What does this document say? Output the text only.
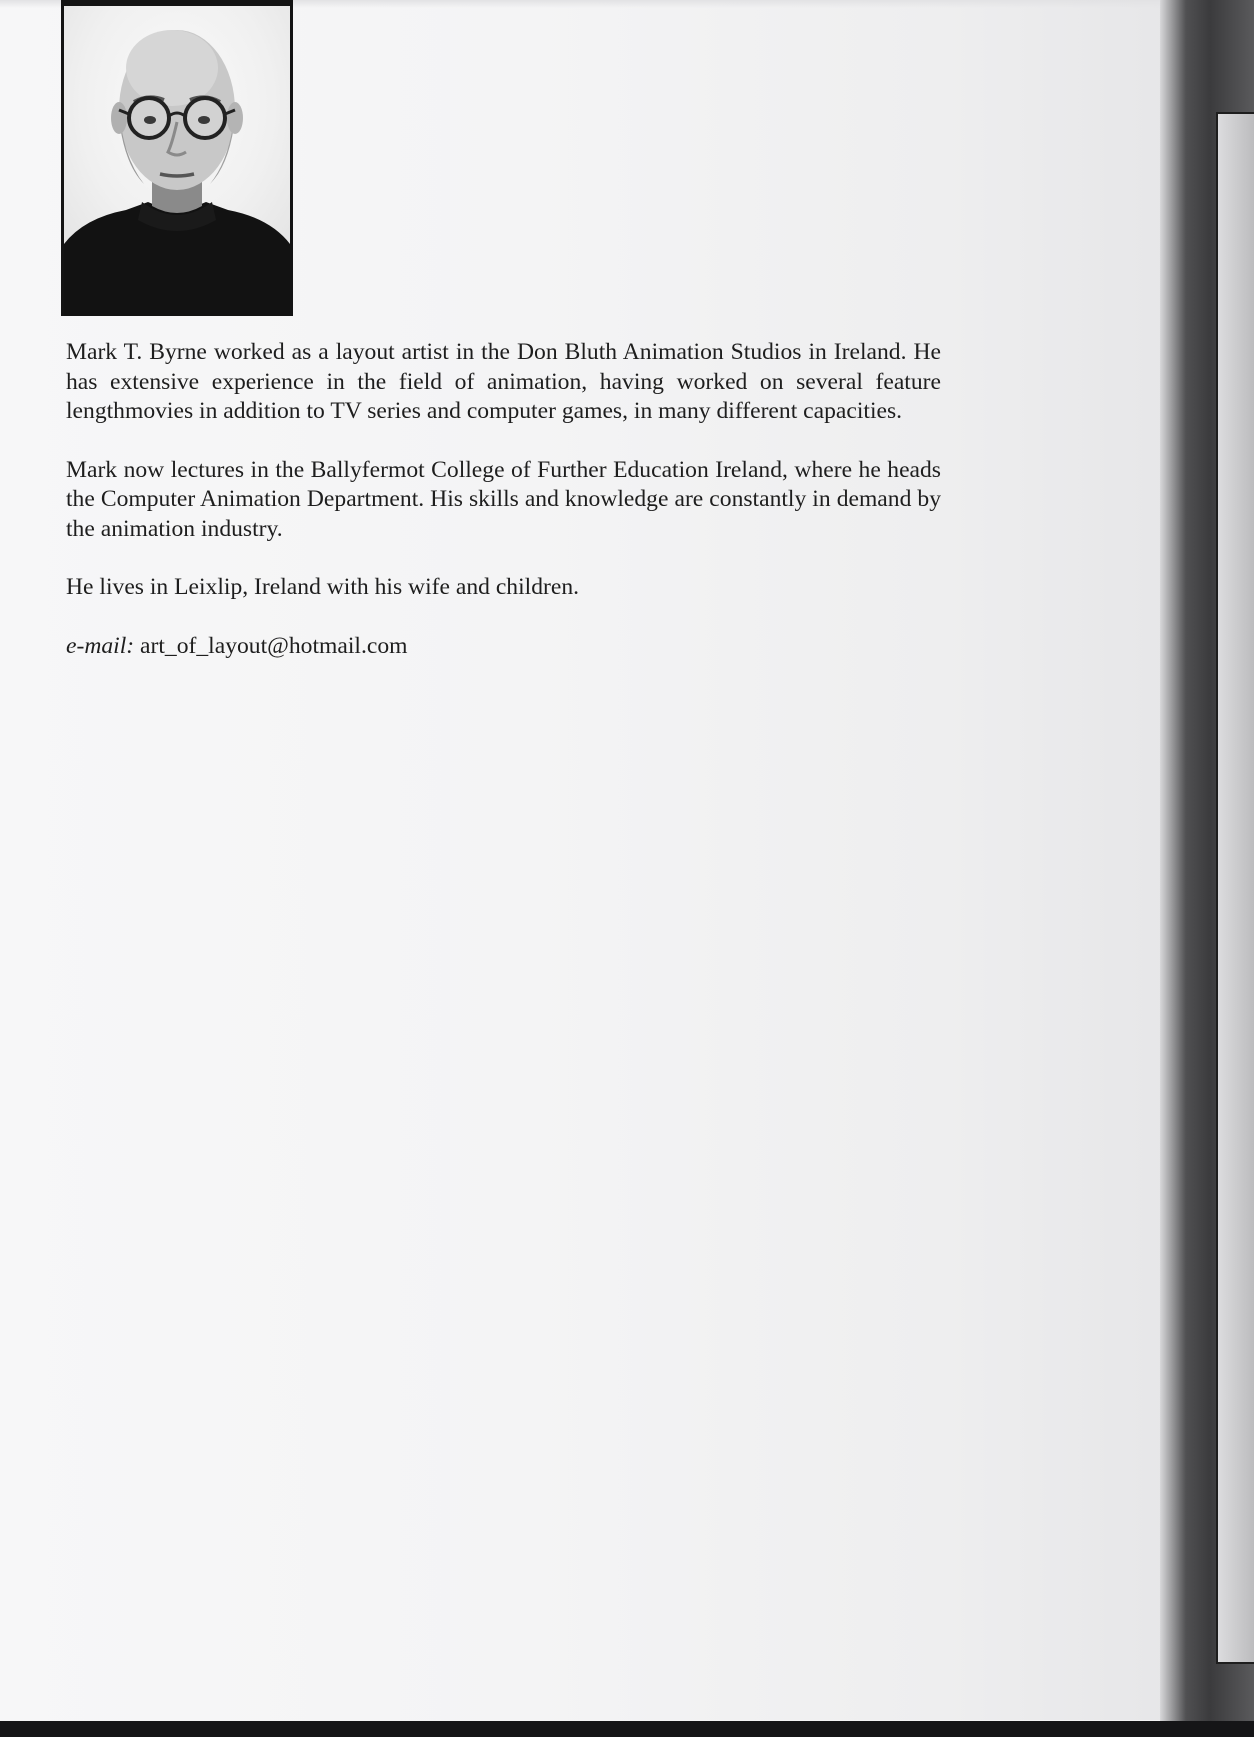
Mark T. Byrne worked as a layout artist in the Don Bluth Animation Studios in Ireland. He has extensive experience in the field of animation, having worked on several feature lengthmovies in addition to TV series and computer games, in many different capacities.

Mark now lectures in the Ballyfermot College of Further Education Ireland, where he heads the Computer Animation Department. His skills and knowledge are constantly in demand by the animation industry.

He lives in Leixlip, Ireland with his wife and children.

e-mail: art_of_layout@hotmail.com
